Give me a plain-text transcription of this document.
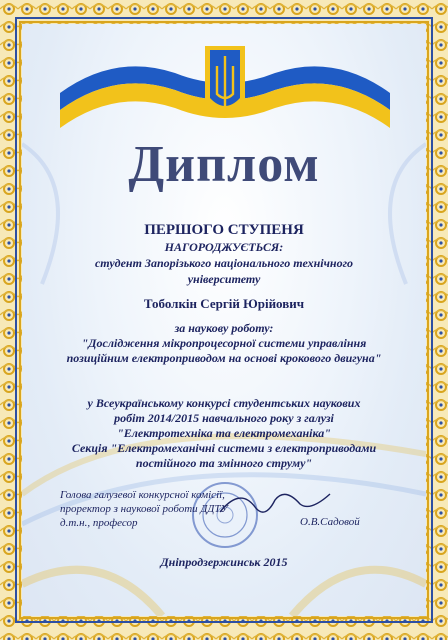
Диплом
ПЕРШОГО СТУПЕНЯ
НАГОРОДЖУЄТЬСЯ:
студент Запорізького національного технічного
університету
Тоболкін Сергій Юрійович
за наукову роботу:
"Дослідження мікропроцесорної системи управління
позиційним електроприводом на основі крокового двигуна"
у Всеукраїнському конкурсі студентських наукових
робіт 2014/2015 навчального року з галузі
"Електротехніка та електромеханіка"
Секція "Електромеханічні системи з електроприводами
постійного та змінного струму"
Голова галузевої конкурсної комісії,
проректор з наукової роботи ДДТУ
д.т.н., професор	О.В.Садовой
Дніпродзержинськ 2015
